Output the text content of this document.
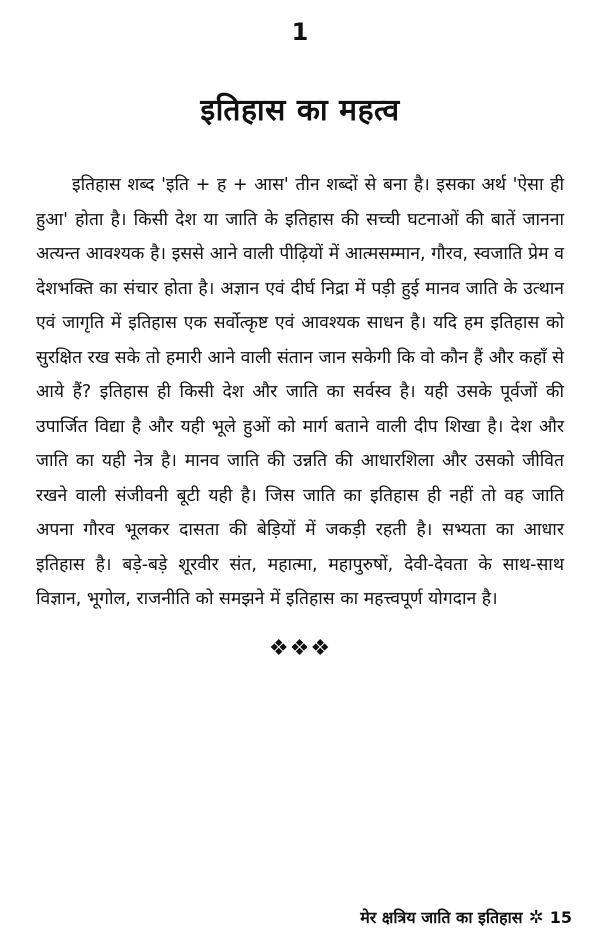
1
इतिहास का महत्व

इतिहास शब्द 'इति + ह + आस' तीन शब्दों से बना है। इसका अर्थ 'ऐसा ही हुआ' होता है। किसी देश या जाति के इतिहास की सच्ची घटनाओं की बातें जानना अत्यन्त आवश्यक है। इससे आने वाली पीढ़ियों में आत्मसम्मान, गौरव, स्वजाति प्रेम व देशभक्ति का संचार होता है। अज्ञान एवं दीर्घ निद्रा में पड़ी हुई मानव जाति के उत्थान एवं जागृति में इतिहास एक सर्वोत्कृष्ट एवं आवश्यक साधन है। यदि हम इतिहास को सुरक्षित रख सके तो हमारी आने वाली संतान जान सकेगी कि वो कौन हैं और कहाँ से आये हैं? इतिहास ही किसी देश और जाति का सर्वस्व है। यही उसके पूर्वजों की उपार्जित विद्या है और यही भूले हुओं को मार्ग बताने वाली दीप शिखा है। देश और जाति का यही नेत्र है। मानव जाति की उन्नति की आधारशिला और उसको जीवित रखने वाली संजीवनी बूटी यही है। जिस जाति का इतिहास ही नहीं तो वह जाति अपना गौरव भूलकर दासता की बेड़ियों में जकड़ी रहती है। सभ्यता का आधार इतिहास है। बड़े-बड़े शूरवीर संत, महात्मा, महापुरुषों, देवी-देवता के साथ-साथ विज्ञान, भूगोल, राजनीति को समझने में इतिहास का महत्त्वपूर्ण योगदान है।

❖❖❖
मेर क्षत्रिय जाति का इतिहास ✲ 15
